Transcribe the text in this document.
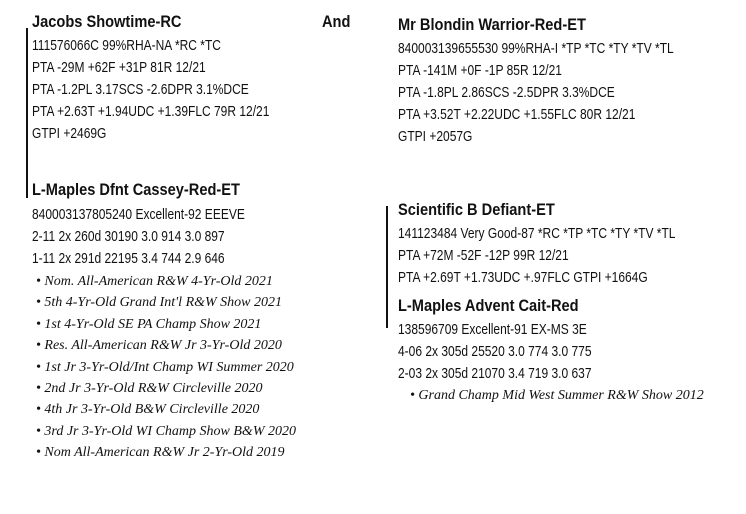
Jacobs Showtime-RC
111576066C 99%RHA-NA *RC *TC
PTA -29M +62F +31P 81R 12/21
PTA -1.2PL 3.17SCS -2.6DPR 3.1%DCE
PTA +2.63T +1.94UDC +1.39FLC 79R 12/21
GTPI +2469G
And	Mr Blondin Warrior-Red-ET
840003139655530 99%RHA-I *TP *TC *TY *TV *TL
PTA -141M +0F -1P 85R 12/21
PTA -1.8PL 2.86SCS -2.5DPR 3.3%DCE
PTA +3.52T +2.22UDC +1.55FLC 80R 12/21
GTPI +2057G
L-Maples Dfnt Cassey-Red-ET
840003137805240 Excellent-92 EEEVE
2-11 2x 260d 30190 3.0 914 3.0 897
1-11 2x 291d 22195 3.4 744 2.9 646
• Nom. All-American R&W 4-Yr-Old 2021
• 5th 4-Yr-Old Grand Int'l R&W Show 2021
• 1st 4-Yr-Old SE PA Champ Show 2021
• Res. All-American R&W Jr 3-Yr-Old 2020
• 1st Jr 3-Yr-Old/Int Champ WI Summer 2020
• 2nd Jr 3-Yr-Old R&W Circleville 2020
• 4th Jr 3-Yr-Old B&W Circleville 2020
• 3rd Jr 3-Yr-Old WI Champ Show B&W 2020
• Nom All-American R&W Jr 2-Yr-Old 2019
Scientific B Defiant-ET
141123484 Very Good-87 *RC *TP *TC *TY *TV *TL
PTA +72M -52F -12P 99R 12/21
PTA +2.69T +1.73UDC +.97FLC GTPI +1664G
L-Maples Advent Cait-Red
138596709 Excellent-91 EX-MS 3E
4-06 2x 305d 25520 3.0 774 3.0 775
2-03 2x 305d 21070 3.4 719 3.0 637
• Grand Champ Mid West Summer R&W Show 2012
